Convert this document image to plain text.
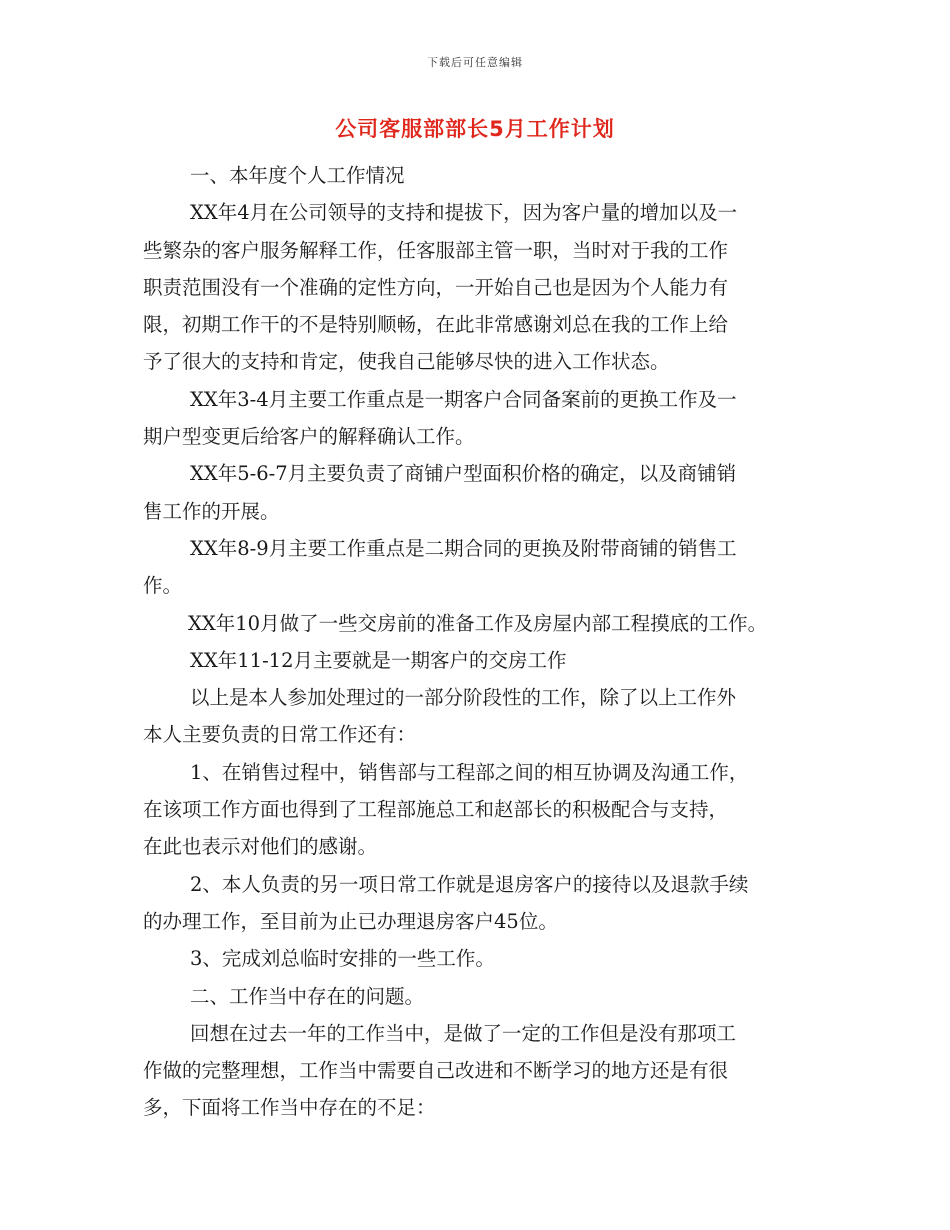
下载后可任意编辑
公司客服部部长5月工作计划
一、本年度个人工作情况
XX年4月在公司领导的支持和提拔下，因为客户量的增加以及一
些繁杂的客户服务解释工作，任客服部主管一职，当时对于我的工作
职责范围没有一个准确的定性方向，一开始自己也是因为个人能力有
限，初期工作干的不是特别顺畅，在此非常感谢刘总在我的工作上给
予了很大的支持和肯定，使我自己能够尽快的进入工作状态。
XX年3-4月主要工作重点是一期客户合同备案前的更换工作及一
期户型变更后给客户的解释确认工作。
XX年5-6-7月主要负责了商铺户型面积价格的确定，以及商铺销
售工作的开展。
XX年8-9月主要工作重点是二期合同的更换及附带商铺的销售工
作。
XX年10月做了一些交房前的准备工作及房屋内部工程摸底的工作。
XX年11-12月主要就是一期客户的交房工作
以上是本人参加处理过的一部分阶段性的工作，除了以上工作外
本人主要负责的日常工作还有：
1、在销售过程中，销售部与工程部之间的相互协调及沟通工作，
在该项工作方面也得到了工程部施总工和赵部长的积极配合与支持，
在此也表示对他们的感谢。
2、本人负责的另一项日常工作就是退房客户的接待以及退款手续
的办理工作，至目前为止已办理退房客户45位。
3、完成刘总临时安排的一些工作。
二、工作当中存在的问题。
回想在过去一年的工作当中，是做了一定的工作但是没有那项工
作做的完整理想，工作当中需要自己改进和不断学习的地方还是有很
多，下面将工作当中存在的不足：
